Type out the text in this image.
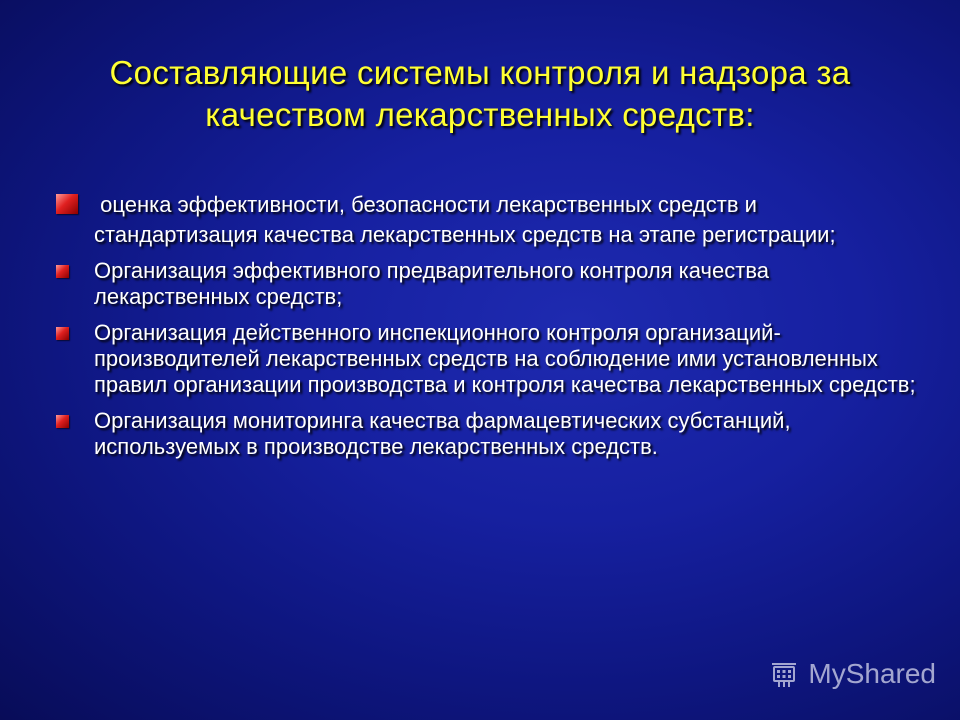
Составляющие системы контроля и надзора за
качеством лекарственных средств:
оценка эффективности, безопасности лекарственных средств и стандартизация качества лекарственных средств на этапе регистрации;
Организация эффективного предварительного контроля качества лекарственных средств;
Организация действенного инспекционного контроля организаций-производителей лекарственных средств на соблюдение ими установленных правил организации производства и контроля качества лекарственных средств;
Организация мониторинга качества фармацевтических субстанций, используемых в производстве лекарственных средств.
MyShared
